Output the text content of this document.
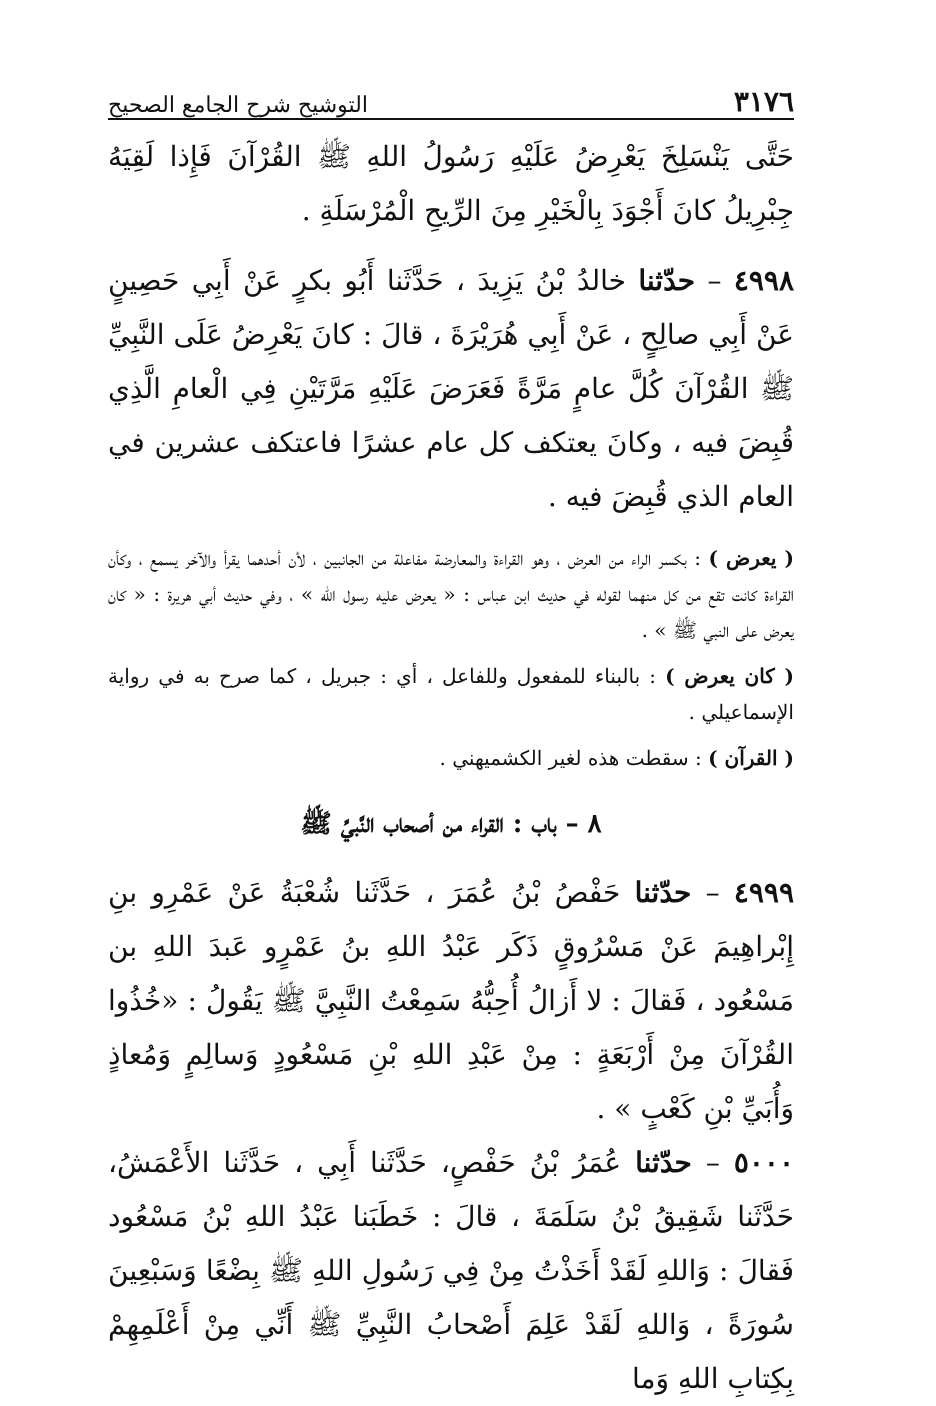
٣١٧٦
التوشيح شرح الجامع الصحيح

حَتَّى يَنْسَلِخَ يَعْرِضُ عَلَيْهِ رَسُولُ اللهِ ﷺ القُرْآنَ فَإِذا لَقِيَهُ جِبْرِيلُ كانَ أَجْوَدَ بِالْخَيْرِ مِنَ الرِّيحِ الْمُرْسَلَةِ .

٤٩٩٨ – حدّثنا خالدُ بْنُ يَزِيدَ ، حَدَّثَنا أَبُو بكرٍ عَنْ أَبِي حَصِينٍ عَنْ أَبِي صالِحٍ ، عَنْ أَبِي هُرَيْرَةَ ، قالَ : كانَ يَعْرِضُ عَلَى النَّبِيِّ ﷺ القُرْآنَ كُلَّ عامٍ مَرَّةً فَعَرَضَ عَلَيْهِ مَرَّتَيْنِ فِي الْعامِ الَّذِي قُبِضَ فيه ، وكانَ يعتكف كل عام عشرًا فاعتكف عشرين في العام الذي قُبِضَ فيه .

( يعرض ) : بكسر الراء من العرض ، وهو القراءة والمعارضة مفاعلة من الجانبين ، لأن أحدهما يقرأ والآخر يسمع ، وكأن القراءة كانت تقع من كل منهما لقوله في حديث ابن عباس : « يعرض عليه رسول الله » ، وفي حديث أبي هريرة : « كان يعرض على النبي ﷺ » .

( كان يعرض ) : بالبناء للمفعول وللفاعل ، أي : جبريل ، كما صرح به في رواية الإسماعيلي .

( القرآن ) : سقطت هذه لغير الكشميهني .

٨ – باب : القراء من أصحاب النَّبيِّ ﷺ

٤٩٩٩ – حدّثنا حَفْصُ بْنُ عُمَرَ ، حَدَّثَنا شُعْبَةُ عَنْ عَمْرِو بنِ إِبْراهِيمَ عَنْ مَسْرُوقٍ ذَكَر عَبْدُ اللهِ بنُ عَمْرٍو عَبدَ اللهِ بن مَسْعُود ، فَقالَ : لا أَزالُ أُحِبُّهُ سَمِعْتُ النَّبِيَّ ﷺ يَقُولُ : «خُذُوا القُرْآنَ مِنْ أَرْبَعَةٍ : مِنْ عَبْدِ اللهِ بْنِ مَسْعُودٍ وَسالِمٍ وَمُعاذٍ وَأُبَيِّ بْنِ كَعْبٍ » .

٥٠٠٠ – حدّثنا عُمَرُ بْنُ حَفْصٍ، حَدَّثَنا أَبِي ، حَدَّثَنا الأَعْمَشُ، حَدَّثَنا شَقِيقُ بْنُ سَلَمَةَ ، قالَ : خَطَبَنا عَبْدُ اللهِ بْنُ مَسْعُود فَقالَ : وَاللهِ لَقَدْ أَخَذْتُ مِنْ فِي رَسُولِ اللهِ ﷺ بِضْعًا وَسَبْعِينَ سُورَةً ، وَاللهِ لَقَدْ عَلِمَ أَصْحابُ النَّبِيِّ ﷺ أَنِّي مِنْ أَعْلَمِهِمْ بِكِتابِ اللهِ وَما
